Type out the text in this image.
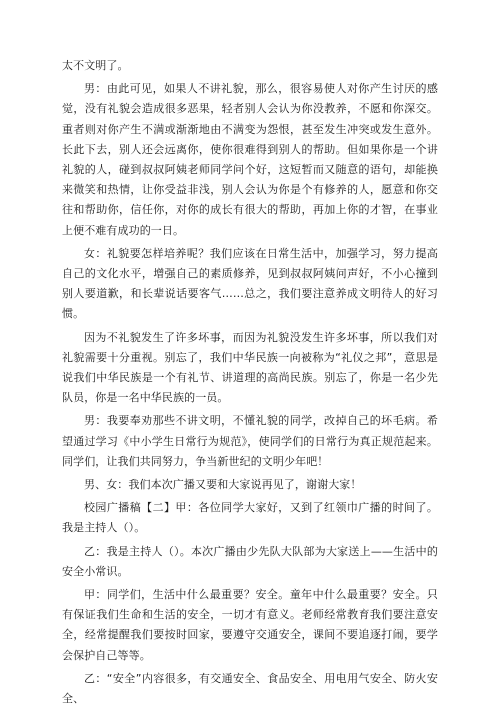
太不文明了。

男：由此可见，如果人不讲礼貌，那么，很容易使人对你产生讨厌的感觉，没有礼貌会造成很多恶果，轻者别人会认为你没教养，不愿和你深交。重者则对你产生不满或渐渐地由不满变为怨恨，甚至发生冲突或发生意外。长此下去，别人还会远离你，使你很难得到别人的帮助。但如果你是一个讲礼貌的人，碰到叔叔阿姨老师同学问个好，这短暂而又随意的语句，却能换来微笑和热情，让你受益非浅，别人会认为你是个有修养的人，愿意和你交往和帮助你，信任你，对你的成长有很大的帮助，再加上你的才智，在事业上便不难有成功的一日。

女：礼貌要怎样培养呢？我们应该在日常生活中，加强学习，努力提高自己的文化水平，增强自己的素质修养，见到叔叔阿姨问声好，不小心撞到别人要道歉，和长辈说话要客气……总之，我们要注意养成文明待人的好习惯。

因为不礼貌发生了许多坏事，而因为礼貌没发生许多坏事，所以我们对礼貌需要十分重视。别忘了，我们中华民族一向被称为“礼仪之邦”，意思是说我们中华民族是一个有礼节、讲道理的高尚民族。别忘了，你是一名少先队员，你是一名中华民族的一员。

男：我要奉劝那些不讲文明，不懂礼貌的同学，改掉自己的坏毛病。希望通过学习《中小学生日常行为规范》，使同学们的日常行为真正规范起来。同学们，让我们共同努力，争当新世纪的文明少年吧！

男、女：我们本次广播又要和大家说再见了，谢谢大家！

校园广播稿【二】甲：各位同学大家好，又到了红领巾广播的时间了。我是主持人（）。

乙：我是主持人（）。本次广播由少先队大队部为大家送上——生活中的安全小常识。

甲：同学们，生活中什么最重要？安全。童年中什么最重要？安全。只有保证我们生命和生活的安全，一切才有意义。老师经常教育我们要注意安全，经常提醒我们要按时回家，要遵守交通安全，课间不要追逐打闹，要学会保护自己等等。

乙：“安全”内容很多，有交通安全、食品安全、用电用气安全、防火安全、
